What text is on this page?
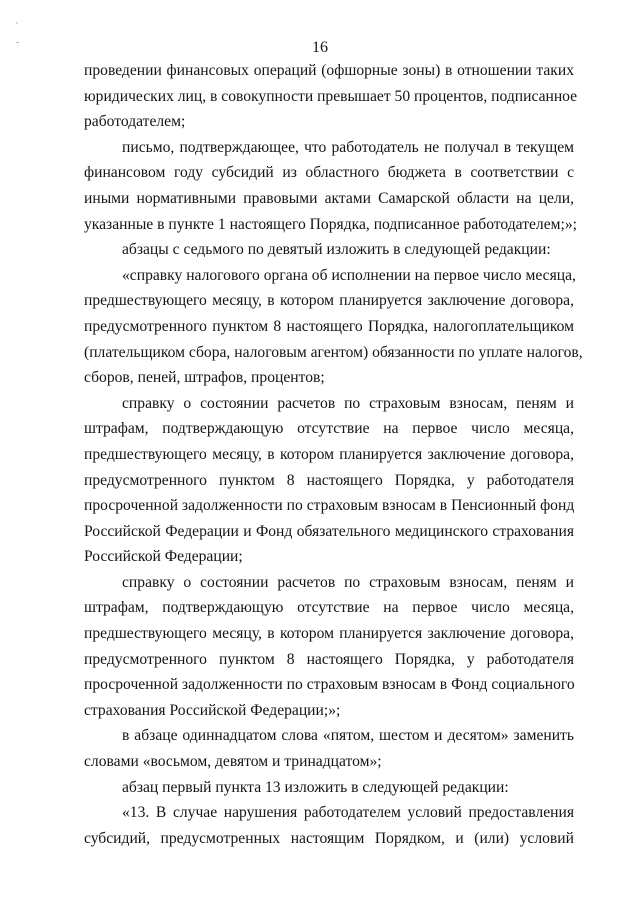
'
-	16
проведении финансовых операций (офшорные зоны) в отношении таких
юридических лиц, в совокупности превышает 50 процентов, подписанное
работодателем;
письмо, подтверждающее, что работодатель не получал в текущем
финансовом году субсидий из областного бюджета в соответствии с
иными нормативными правовыми актами Самарской области на цели,
указанные в пункте 1 настоящего Порядка, подписанное работодателем;»;
абзацы с седьмого по девятый изложить в следующей редакции:
«справку налогового органа об исполнении на первое число месяца,
предшествующего месяцу, в котором планируется заключение договора,
предусмотренного пунктом 8 настоящего Порядка, налогоплательщиком
(плательщиком сбора, налоговым агентом) обязанности по уплате налогов,
сборов, пеней, штрафов, процентов;
справку о состоянии расчетов по страховым взносам, пеням и
штрафам, подтверждающую отсутствие на первое число месяца,
предшествующего месяцу, в котором планируется заключение договора,
предусмотренного пунктом 8 настоящего Порядка, у работодателя
просроченной задолженности по страховым взносам в Пенсионный фонд
Российской Федерации и Фонд обязательного медицинского страхования
Российской Федерации;
справку о состоянии расчетов по страховым взносам, пеням и
штрафам, подтверждающую отсутствие на первое число месяца,
предшествующего месяцу, в котором планируется заключение договора,
предусмотренного пунктом 8 настоящего Порядка, у работодателя
просроченной задолженности по страховым взносам в Фонд социального
страхования Российской Федерации;»;
в абзаце одиннадцатом слова «пятом, шестом и десятом» заменить
словами «восьмом, девятом и тринадцатом»;
абзац первый пункта 13 изложить в следующей редакции:
«13. В случае нарушения работодателем условий предоставления
субсидий, предусмотренных настоящим Порядком, и (или) условий
